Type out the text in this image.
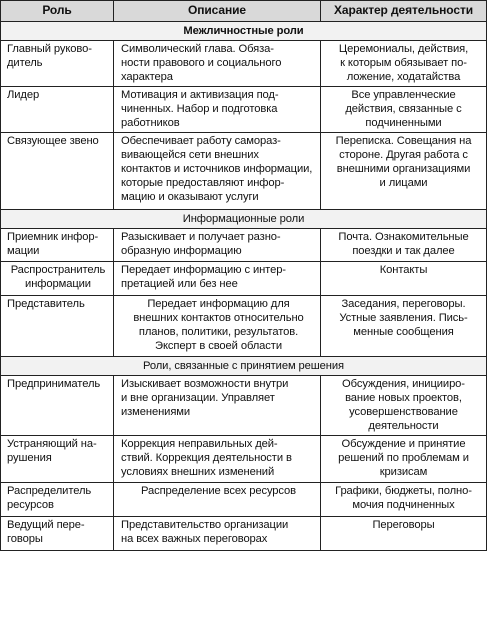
Роль	Описание	Характер деятельности
Межличностные роли		

Главный руково-
дитель	Символический глава. Обяза-
ности правового и социального
характера	Церемониалы, действия,
к которым обязывает по-
ложение, ходатайства

Лидер	Мотивация и активизация под-
чиненных. Набор и подготовка
работников	Все управленческие
действия, связанные с
подчиненными

Связующее звено	Обеспечивает работу самораз-
вивающейся сети внешних
контактов и источников информации,
которые предоставляют инфор-
мацию и оказывают услуги	Переписка. Совещания на
стороне. Другая работа с
внешними организациями
и лицами

Информационные роли		

Приемник инфор-
мации	Разыскивает и получает разно-
образную информацию	Почта. Ознакомительные
поездки и так далее

Распространитель
информации	Передает информацию с интер-
претацией или без нее	Контакты

Представитель	Передает информацию для
внешних контактов относительно
планов, политики, результатов.
Эксперт в своей области	Заседания, переговоры.
Устные заявления. Пись-
менные сообщения

Роли, связанные с принятием решения		

Предприниматель	Изыскивает возможности внутри
и вне организации. Управляет
изменениями	Обсуждения, иницииро-
вание новых проектов,
усовершенствование
деятельности

Устраняющий на-
рушения	Коррекция неправильных дей-
ствий. Коррекция деятельности в
условиях внешних изменений	Обсуждение и принятие
решений по проблемам и
кризисам

Распределитель
ресурсов	Распределение всех ресурсов	Графики, бюджеты, полно-
мочия подчиненных

Ведущий пере-
говоры	Представительство организации
на всех важных переговорах	Переговоры
